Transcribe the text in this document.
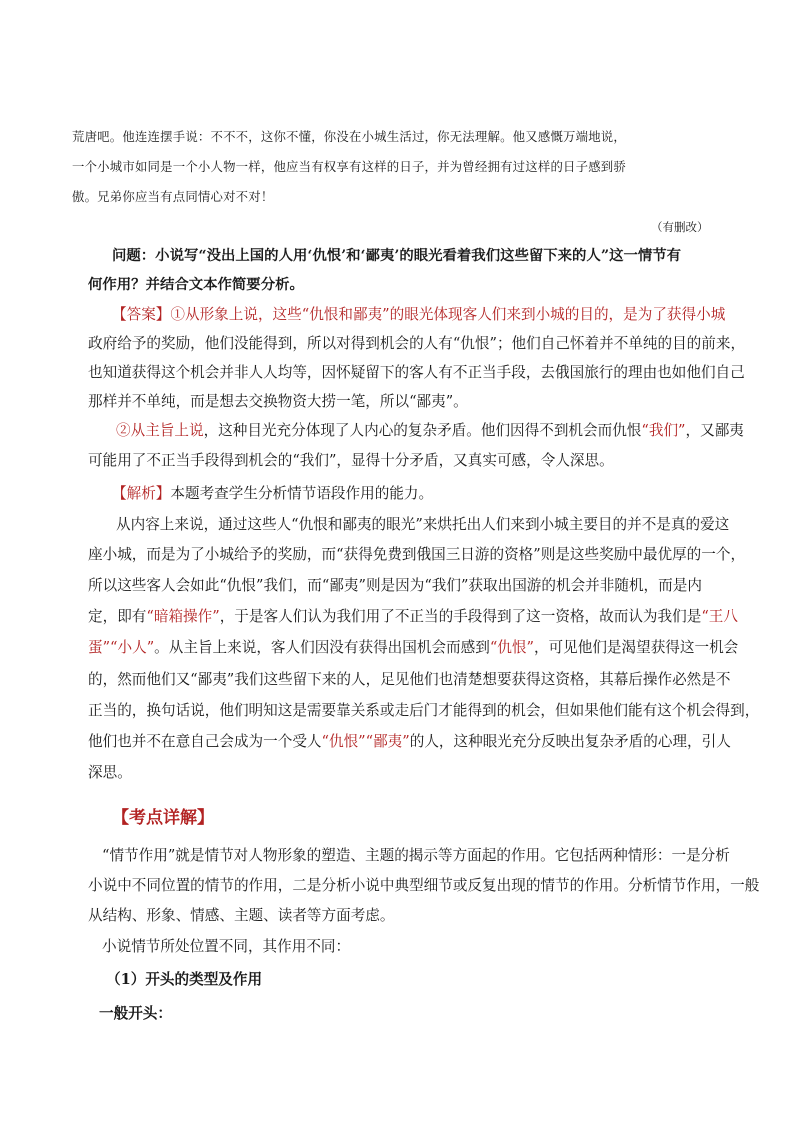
荒唐吧。他连连摆手说：不不不，这你不懂，你没在小城生活过，你无法理解。他又感慨万端地说，
一个小城市如同是一个小人物一样，他应当有权享有这样的日子，并为曾经拥有过这样的日子感到骄
傲。兄弟你应当有点同情心对不对！
（有删改）
问题：小说写“没出上国的人用‘仇恨’和‘鄙夷’的眼光看着我们这些留下来的人”这一情节有
何作用？并结合文本作简要分析。
【答案】①从形象上说，这些“仇恨和鄙夷”的眼光体现客人们来到小城的目的，是为了获得小城
政府给予的奖励，他们没能得到，所以对得到机会的人有“仇恨”；他们自己怀着并不单纯的目的前来，
也知道获得这个机会并非人人均等，因怀疑留下的客人有不正当手段，去俄国旅行的理由也如他们自己
那样并不单纯，而是想去交换物资大捞一笔，所以“鄙夷”。
②从主旨上说，这种目光充分体现了人内心的复杂矛盾。他们因得不到机会而仇恨“我们”，又鄙夷
可能用了不正当手段得到机会的“我们”，显得十分矛盾，又真实可感，令人深思。
【解析】本题考查学生分析情节语段作用的能力。
从内容上来说，通过这些人“仇恨和鄙夷的眼光”来烘托出人们来到小城主要目的并不是真的爱这
座小城，而是为了小城给予的奖励，而“获得免费到俄国三日游的资格”则是这些奖励中最优厚的一个，
所以这些客人会如此“仇恨”我们，而“鄙夷”则是因为“我们”获取出国游的机会并非随机，而是内
定，即有“暗箱操作”，于是客人们认为我们用了不正当的手段得到了这一资格，故而认为我们是“王八
蛋”“小人”。从主旨上来说，客人们因没有获得出国机会而感到“仇恨”，可见他们是渴望获得这一机会
的，然而他们又“鄙夷”我们这些留下来的人，足见他们也清楚想要获得这资格，其幕后操作必然是不
正当的，换句话说，他们明知这是需要靠关系或走后门才能得到的机会，但如果他们能有这个机会得到，
他们也并不在意自己会成为一个受人“仇恨”“鄙夷”的人，这种眼光充分反映出复杂矛盾的心理，引人
深思。
【考点详解】
“情节作用”就是情节对人物形象的塑造、主题的揭示等方面起的作用。它包括两种情形：一是分析
小说中不同位置的情节的作用，二是分析小说中典型细节或反复出现的情节的作用。分析情节作用，一般
从结构、形象、情感、主题、读者等方面考虑。
小说情节所处位置不同，其作用不同：
（1）开头的类型及作用
一般开头：
